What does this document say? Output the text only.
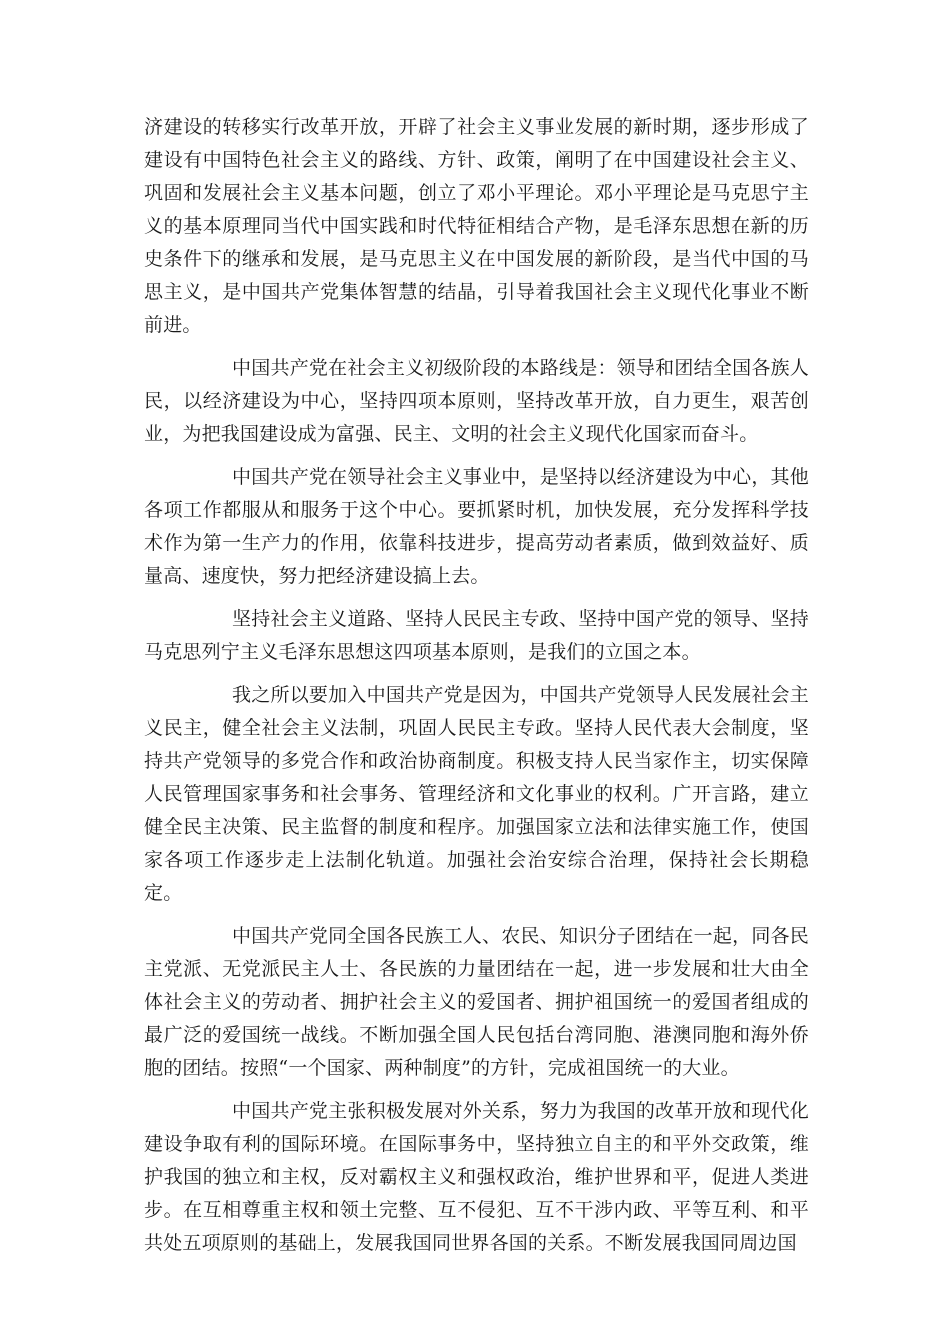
济建设的转移实行改革开放，开辟了社会主义事业发展的新时期，逐步形成了建设有中国特色社会主义的路线、方针、政策，阐明了在中国建设社会主义、巩固和发展社会主义基本问题，创立了邓小平理论。邓小平理论是马克思宁主义的基本原理同当代中国实践和时代特征相结合产物，是毛泽东思想在新的历史条件下的继承和发展，是马克思主义在中国发展的新阶段，是当代中国的马思主义，是中国共产党集体智慧的结晶，引导着我国社会主义现代化事业不断前进。

中国共产党在社会主义初级阶段的本路线是：领导和团结全国各族人民，以经济建设为中心，坚持四项本原则，坚持改革开放，自力更生，艰苦创业，为把我国建设成为富强、民主、文明的社会主义现代化国家而奋斗。

中国共产党在领导社会主义事业中，是坚持以经济建设为中心，其他各项工作都服从和服务于这个中心。要抓紧时机，加快发展，充分发挥科学技术作为第一生产力的作用，依靠科技进步，提高劳动者素质，做到效益好、质量高、速度快，努力把经济建设搞上去。

坚持社会主义道路、坚持人民民主专政、坚持中国产党的领导、坚持马克思列宁主义毛泽东思想这四项基本原则，是我们的立国之本。

我之所以要加入中国共产党是因为，中国共产党领导人民发展社会主义民主，健全社会主义法制，巩固人民民主专政。坚持人民代表大会制度，坚持共产党领导的多党合作和政治协商制度。积极支持人民当家作主，切实保障人民管理国家事务和社会事务、管理经济和文化事业的权利。广开言路，建立健全民主决策、民主监督的制度和程序。加强国家立法和法律实施工作，使国家各项工作逐步走上法制化轨道。加强社会治安综合治理，保持社会长期稳定。

中国共产党同全国各民族工人、农民、知识分子团结在一起，同各民主党派、无党派民主人士、各民族的力量团结在一起，进一步发展和壮大由全体社会主义的劳动者、拥护社会主义的爱国者、拥护祖国统一的爱国者组成的最广泛的爱国统一战线。不断加强全国人民包括台湾同胞、港澳同胞和海外侨胞的团结。按照“一个国家、两种制度”的方针，完成祖国统一的大业。

中国共产党主张积极发展对外关系，努力为我国的改革开放和现代化建设争取有利的国际环境。在国际事务中，坚持独立自主的和平外交政策，维护我国的独立和主权，反对霸权主义和强权政治，维护世界和平，促进人类进步。在互相尊重主权和领土完整、互不侵犯、互不干涉内政、平等互利、和平共处五项原则的基础上，发展我国同世界各国的关系。不断发展我国同周边国
